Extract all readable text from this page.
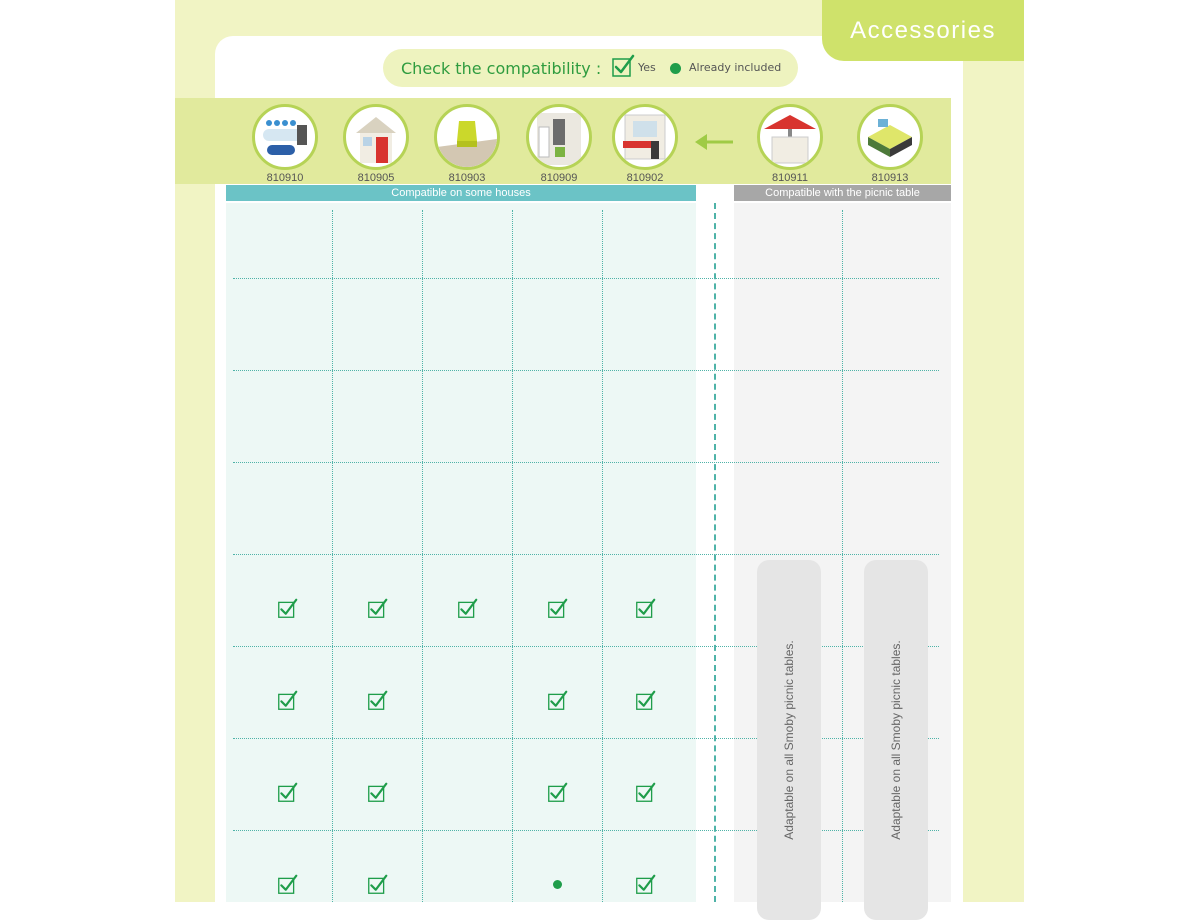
Accessories
Check the compatibility :	Yes	Already included
810910	810905	810903	810909	810902	810911	810913
Compatible on some houses	Compatible with the picnic table
Adaptable on all Smoby picnic tables.	Adaptable on all Smoby picnic tables.
